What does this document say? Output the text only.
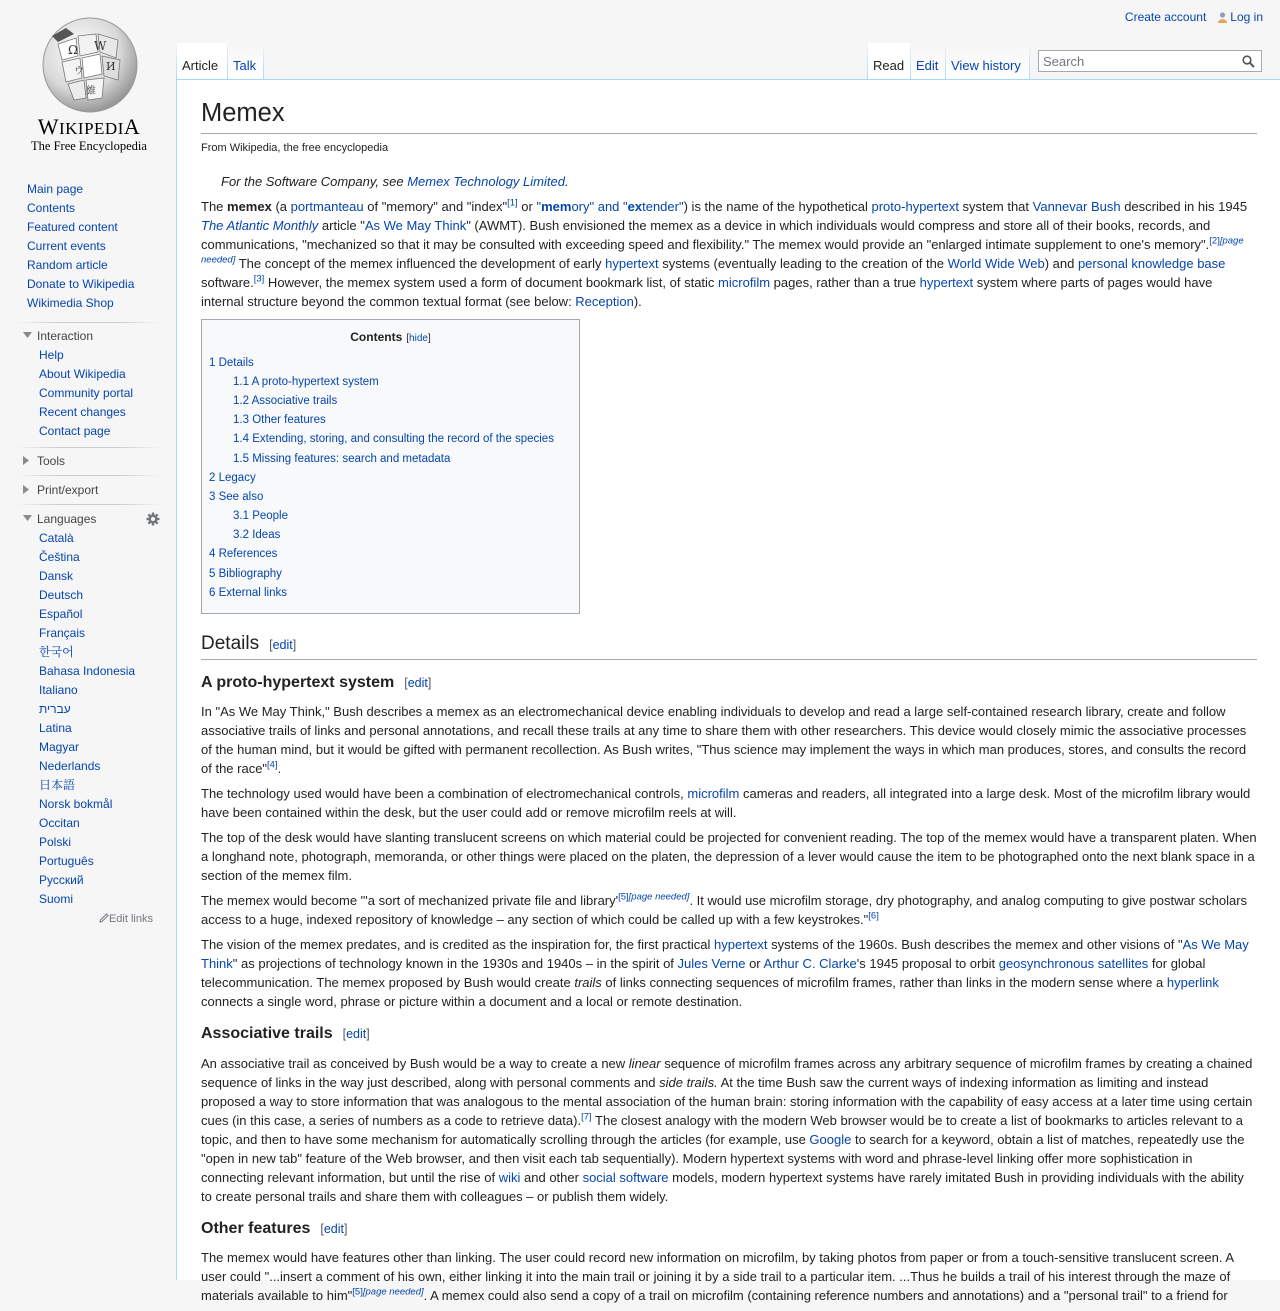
Ω W
И
ウ
維
WIKIPEDIA
The Free Encyclopedia
Create account	Log in
Article	Talk	Read Edit View history
Search
Main page
Contents
Featured content
Current events
Random article
Donate to Wikipedia
Wikimedia Shop
Interaction
Help
About Wikipedia
Community portal
Recent changes
Contact page
Tools
Print/export
Languages
Català
Čeština
Dansk
Deutsch
Español
Français
한국어
Bahasa Indonesia
Italiano
עברית
Latina
Magyar
Nederlands
日本語
Norsk bokmål
Occitan
Polski
Português
Русский
Suomi
Edit links
Memex
From Wikipedia, the free encyclopedia
For the Software Company, see Memex Technology Limited.

The memex (a portmanteau of "memory" and "index"[1] or "memory" and "extender") is the name of the hypothetical proto-hypertext system that Vannevar Bush described in his 1945 The Atlantic Monthly article "As We May Think" (AWMT). Bush envisioned the memex as a device in which individuals would compress and store all of their books, records, and communications, "mechanized so that it may be consulted with exceeding speed and flexibility." The memex would provide an "enlarged intimate supplement to one's memory".[2][page needed] The concept of the memex influenced the development of early hypertext systems (eventually leading to the creation of the World Wide Web) and personal knowledge base software.[3] However, the memex system used a form of document bookmark list, of static microfilm pages, rather than a true hypertext system where parts of pages would have internal structure beyond the common textual format (see below: Reception).

Contents [hide]
1 Details
1.1 A proto-hypertext system
1.2 Associative trails
1.3 Other features
1.4 Extending, storing, and consulting the record of the species
1.5 Missing features: search and metadata
2 Legacy
3 See also
3.1 People
3.2 Ideas
4 References
5 Bibliography
6 External links
Details [edit]
A proto-hypertext system [edit]

In "As We May Think," Bush describes a memex as an electromechanical device enabling individuals to develop and read a large self-contained research library, create and follow associative trails of links and personal annotations, and recall these trails at any time to share them with other researchers. This device would closely mimic the associative processes of the human mind, but it would be gifted with permanent recollection. As Bush writes, "Thus science may implement the ways in which man produces, stores, and consults the record of the race"[4].

The technology used would have been a combination of electromechanical controls, microfilm cameras and readers, all integrated into a large desk. Most of the microfilm library would have been contained within the desk, but the user could add or remove microfilm reels at will.

The top of the desk would have slanting translucent screens on which material could be projected for convenient reading. The top of the memex would have a transparent platen. When a longhand note, photograph, memoranda, or other things were placed on the platen, the depression of a lever would cause the item to be photographed onto the next blank space in a section of the memex film.

The memex would become "'a sort of mechanized private file and library'[5][page needed]. It would use microfilm storage, dry photography, and analog computing to give postwar scholars access to a huge, indexed repository of knowledge – any section of which could be called up with a few keystrokes."[6]

The vision of the memex predates, and is credited as the inspiration for, the first practical hypertext systems of the 1960s. Bush describes the memex and other visions of "As We May Think" as projections of technology known in the 1930s and 1940s – in the spirit of Jules Verne or Arthur C. Clarke's 1945 proposal to orbit geosynchronous satellites for global telecommunication. The memex proposed by Bush would create trails of links connecting sequences of microfilm frames, rather than links in the modern sense where a hyperlink connects a single word, phrase or picture within a document and a local or remote destination.

Associative trails [edit]

An associative trail as conceived by Bush would be a way to create a new linear sequence of microfilm frames across any arbitrary sequence of microfilm frames by creating a chained sequence of links in the way just described, along with personal comments and side trails. At the time Bush saw the current ways of indexing information as limiting and instead proposed a way to store information that was analogous to the mental association of the human brain: storing information with the capability of easy access at a later time using certain cues (in this case, a series of numbers as a code to retrieve data).[7] The closest analogy with the modern Web browser would be to create a list of bookmarks to articles relevant to a topic, and then to have some mechanism for automatically scrolling through the articles (for example, use Google to search for a keyword, obtain a list of matches, repeatedly use the "open in new tab" feature of the Web browser, and then visit each tab sequentially). Modern hypertext systems with word and phrase-level linking offer more sophistication in connecting relevant information, but until the rise of wiki and other social software models, modern hypertext systems have rarely imitated Bush in providing individuals with the ability to create personal trails and share them with colleagues – or publish them widely.

Other features [edit]

The memex would have features other than linking. The user could record new information on microfilm, by taking photos from paper or from a touch-sensitive translucent screen. A user could "...insert a comment of his own, either linking it into the main trail or joining it by a side trail to a particular item. ...Thus he builds a trail of his interest through the maze of materials available to him"[5][page needed]. A memex could also send a copy of a trail on microfilm (containing reference numbers and annotations) and a "personal trail" to a friend for
